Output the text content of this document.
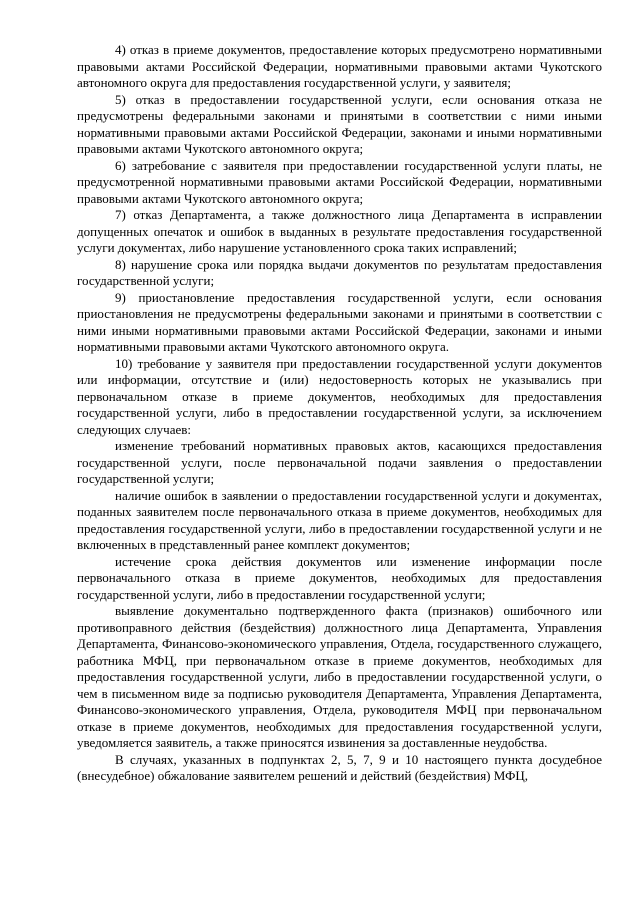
4) отказ в приеме документов, предоставление которых предусмотрено нормативными правовыми актами Российской Федерации, нормативными правовыми актами Чукотского автономного округа для предоставления государственной услуги, у заявителя;

5) отказ в предоставлении государственной услуги, если основания отказа не предусмотрены федеральными законами и принятыми в соответствии с ними иными нормативными правовыми актами Российской Федерации, законами и иными нормативными правовыми актами Чукотского автономного округа;

6) затребование с заявителя при предоставлении государственной услуги платы, не предусмотренной нормативными правовыми актами Российской Федерации, нормативными правовыми актами Чукотского автономного округа;

7) отказ Департамента, а также должностного лица Департамента в исправлении допущенных опечаток и ошибок в выданных в результате предоставления государственной услуги документах, либо нарушение установленного срока таких исправлений;

8) нарушение срока или порядка выдачи документов по результатам предоставления государственной услуги;

9) приостановление предоставления государственной услуги, если основания приостановления не предусмотрены федеральными законами и принятыми в соответствии с ними иными нормативными правовыми актами Российской Федерации, законами и иными нормативными правовыми актами Чукотского автономного округа.

10) требование у заявителя при предоставлении государственной услуги документов или информации, отсутствие и (или) недостоверность которых не указывались при первоначальном отказе в приеме документов, необходимых для предоставления государственной услуги, либо в предоставлении государственной услуги, за исключением следующих случаев:

изменение требований нормативных правовых актов, касающихся предоставления государственной услуги, после первоначальной подачи заявления о предоставлении государственной услуги;

наличие ошибок в заявлении о предоставлении государственной услуги и документах, поданных заявителем после первоначального отказа в приеме документов, необходимых для предоставления государственной услуги, либо в предоставлении государственной услуги и не включенных в представленный ранее комплект документов;

истечение срока действия документов или изменение информации после первоначального отказа в приеме документов, необходимых для предоставления государственной услуги, либо в предоставлении государственной услуги;

выявление документально подтвержденного факта (признаков) ошибочного или противоправного действия (бездействия) должностного лица Департамента, Управления Департамента, Финансово-экономического управления, Отдела, государственного служащего, работника МФЦ, при первоначальном отказе в приеме документов, необходимых для предоставления государственной услуги, либо в предоставлении государственной услуги, о чем в письменном виде за подписью руководителя Департамента, Управления Департамента, Финансово-экономического управления, Отдела, руководителя МФЦ при первоначальном отказе в приеме документов, необходимых для предоставления государственной услуги, уведомляется заявитель, а также приносятся извинения за доставленные неудобства.

В случаях, указанных в подпунктах 2, 5, 7, 9 и 10 настоящего пункта досудебное (внесудебное) обжалование заявителем решений и действий (бездействия) МФЦ,
